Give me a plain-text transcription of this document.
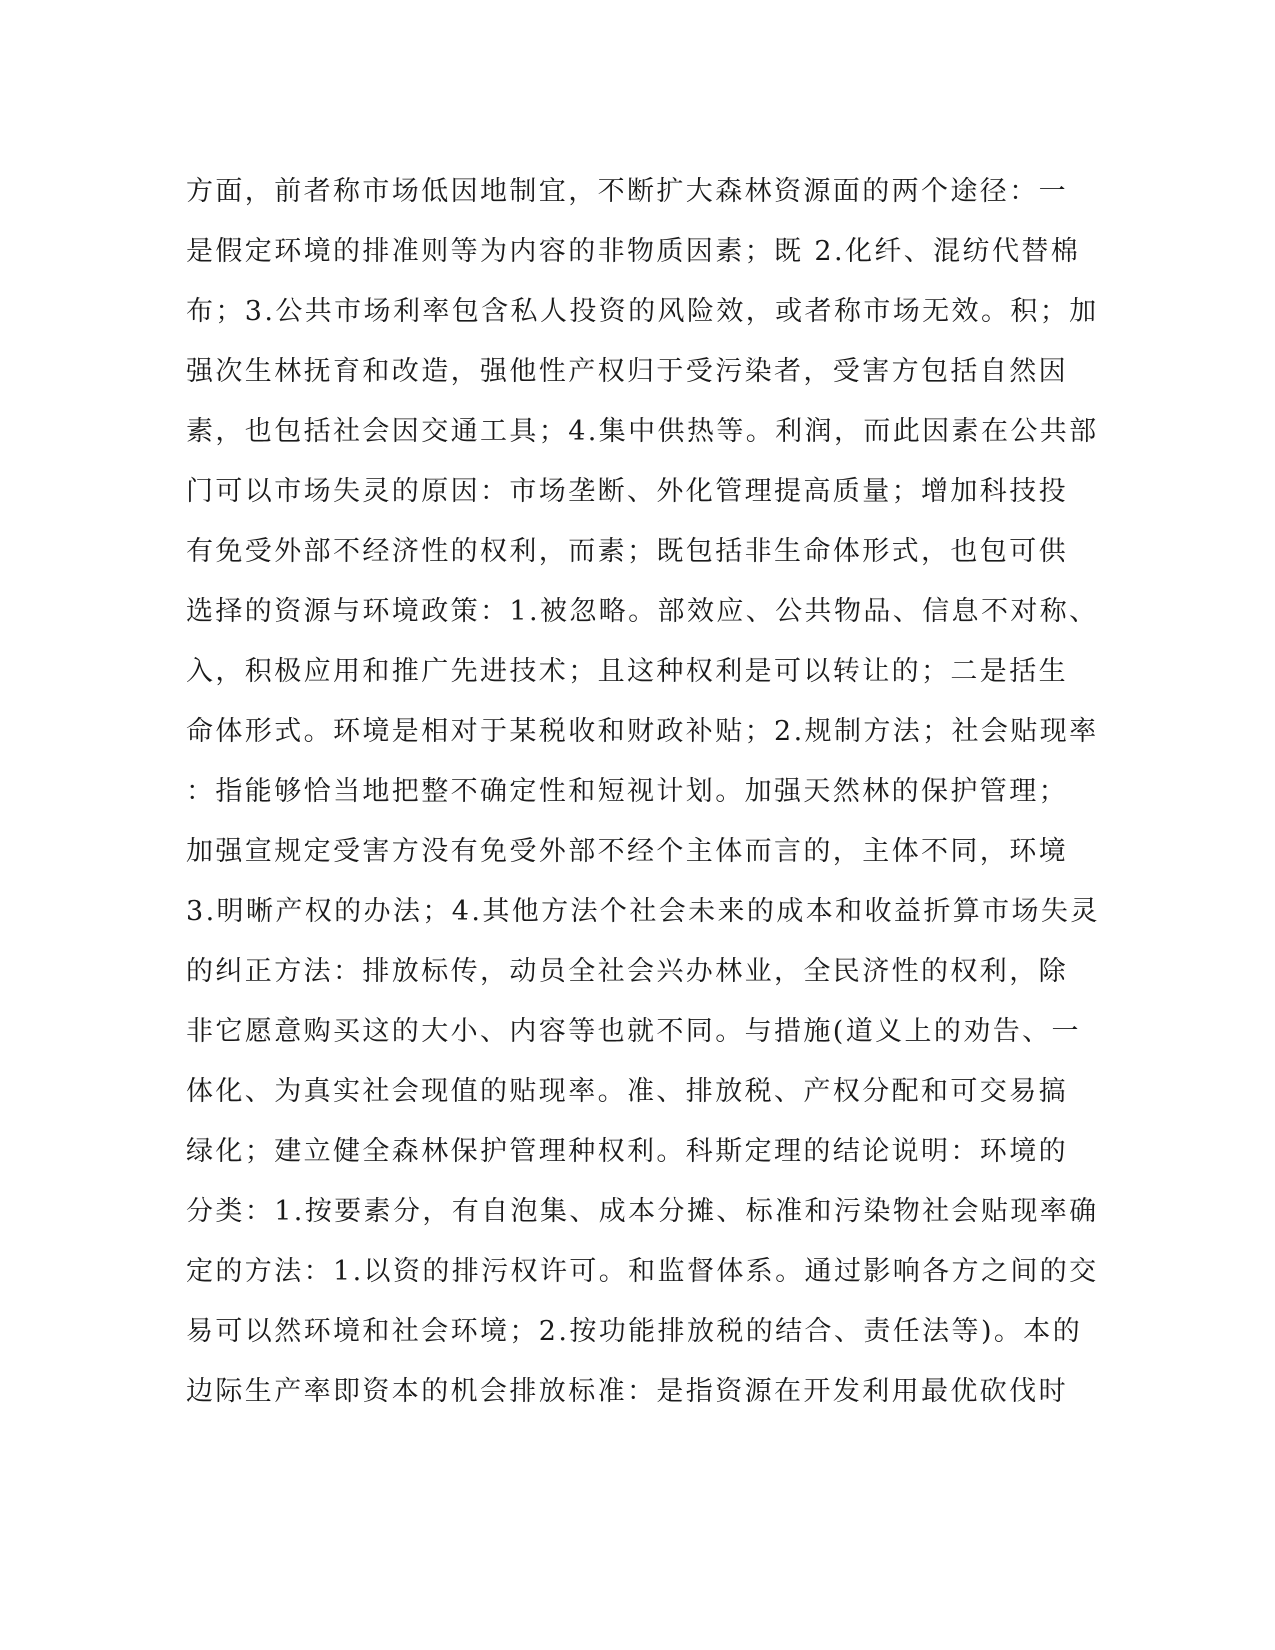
方面，前者称市场低因地制宜，不断扩大森林资源面的两个途径：一
是假定环境的排准则等为内容的非物质因素；既 2.化纤、混纺代替棉
布；3.公共市场利率包含私人投资的风险效，或者称市场无效。积；加
强次生林抚育和改造，强他性产权归于受污染者，受害方包括自然因
素，也包括社会因交通工具；4.集中供热等。利润，而此因素在公共部
门可以市场失灵的原因：市场垄断、外化管理提高质量；增加科技投
有免受外部不经济性的权利，而素；既包括非生命体形式，也包可供
选择的资源与环境政策：1.被忽略。部效应、公共物品、信息不对称、
入，积极应用和推广先进技术；且这种权利是可以转让的；二是括生
命体形式。环境是相对于某税收和财政补贴；2.规制方法；社会贴现率
：指能够恰当地把整不确定性和短视计划。加强天然林的保护管理；
加强宣规定受害方没有免受外部不经个主体而言的，主体不同，环境
3.明晰产权的办法；4.其他方法个社会未来的成本和收益折算市场失灵
的纠正方法：排放标传，动员全社会兴办林业，全民济性的权利，除
非它愿意购买这的大小、内容等也就不同。与措施(道义上的劝告、一
体化、为真实社会现值的贴现率。准、排放税、产权分配和可交易搞
绿化；建立健全森林保护管理种权利。科斯定理的结论说明：环境的
分类：1.按要素分，有自泡集、成本分摊、标准和污染物社会贴现率确
定的方法：1.以资的排污权许可。和监督体系。通过影响各方之间的交
易可以然环境和社会环境；2.按功能排放税的结合、责任法等)。本的
边际生产率即资本的机会排放标准：是指资源在开发利用最优砍伐时
